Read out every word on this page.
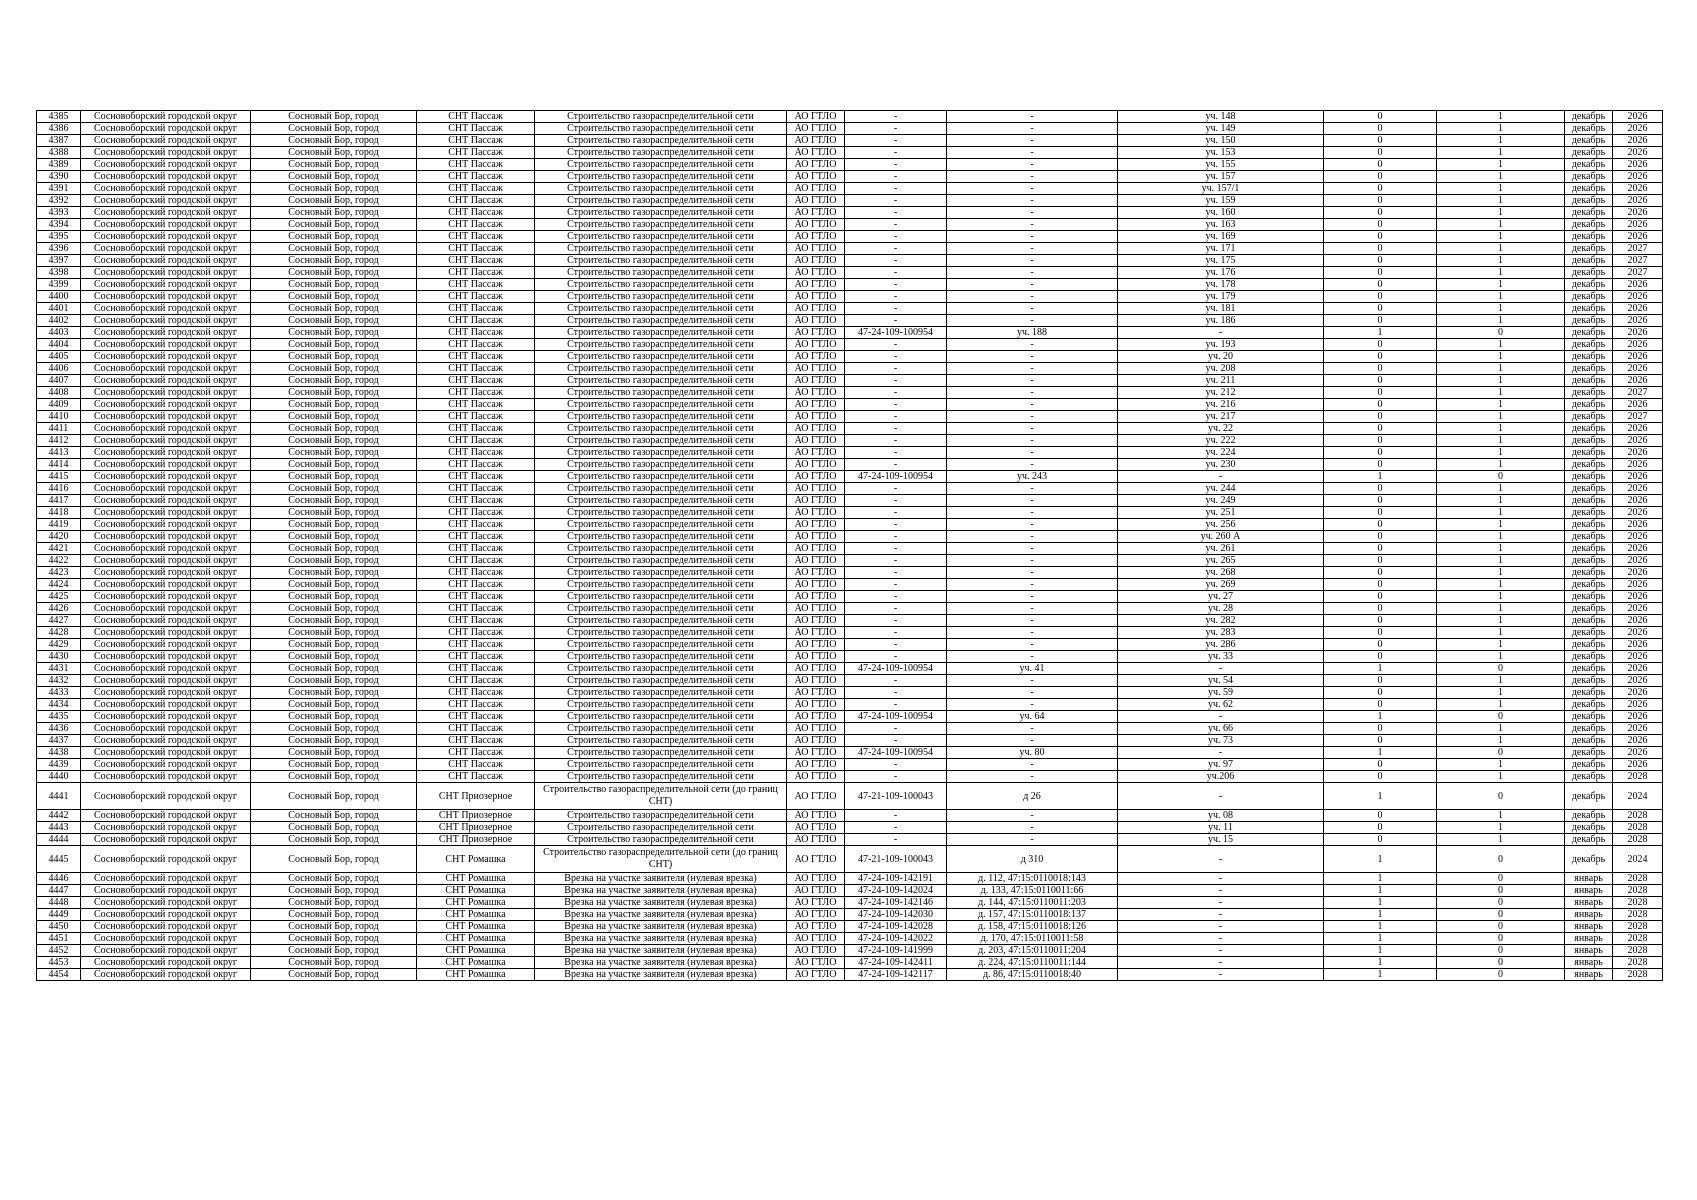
4385	Сосновоборский городской округ	Сосновый Бор, город	СНТ Пассаж	Строительство газораспределительной сети	АО ГТЛО	-	-	уч. 148	0	1	декабрь	2026
4386	Сосновоборский городской округ	Сосновый Бор, город	СНТ Пассаж	Строительство газораспределительной сети	АО ГТЛО	-	-	уч. 149	0	1	декабрь	2026
4387	Сосновоборский городской округ	Сосновый Бор, город	СНТ Пассаж	Строительство газораспределительной сети	АО ГТЛО	-	-	уч. 150	0	1	декабрь	2026
4388	Сосновоборский городской округ	Сосновый Бор, город	СНТ Пассаж	Строительство газораспределительной сети	АО ГТЛО	-	-	уч. 153	0	1	декабрь	2026
4389	Сосновоборский городской округ	Сосновый Бор, город	СНТ Пассаж	Строительство газораспределительной сети	АО ГТЛО	-	-	уч. 155	0	1	декабрь	2026
4390	Сосновоборский городской округ	Сосновый Бор, город	СНТ Пассаж	Строительство газораспределительной сети	АО ГТЛО	-	-	уч. 157	0	1	декабрь	2026
4391	Сосновоборский городской округ	Сосновый Бор, город	СНТ Пассаж	Строительство газораспределительной сети	АО ГТЛО	-	-	уч. 157/1	0	1	декабрь	2026
4392	Сосновоборский городской округ	Сосновый Бор, город	СНТ Пассаж	Строительство газораспределительной сети	АО ГТЛО	-	-	уч. 159	0	1	декабрь	2026
4393	Сосновоборский городской округ	Сосновый Бор, город	СНТ Пассаж	Строительство газораспределительной сети	АО ГТЛО	-	-	уч. 160	0	1	декабрь	2026
4394	Сосновоборский городской округ	Сосновый Бор, город	СНТ Пассаж	Строительство газораспределительной сети	АО ГТЛО	-	-	уч. 163	0	1	декабрь	2026
4395	Сосновоборский городской округ	Сосновый Бор, город	СНТ Пассаж	Строительство газораспределительной сети	АО ГТЛО	-	-	уч. 169	0	1	декабрь	2026
4396	Сосновоборский городской округ	Сосновый Бор, город	СНТ Пассаж	Строительство газораспределительной сети	АО ГТЛО	-	-	уч. 171	0	1	декабрь	2027
4397	Сосновоборский городской округ	Сосновый Бор, город	СНТ Пассаж	Строительство газораспределительной сети	АО ГТЛО	-	-	уч. 175	0	1	декабрь	2027
4398	Сосновоборский городской округ	Сосновый Бор, город	СНТ Пассаж	Строительство газораспределительной сети	АО ГТЛО	-	-	уч. 176	0	1	декабрь	2027
4399	Сосновоборский городской округ	Сосновый Бор, город	СНТ Пассаж	Строительство газораспределительной сети	АО ГТЛО	-	-	уч. 178	0	1	декабрь	2026
4400	Сосновоборский городской округ	Сосновый Бор, город	СНТ Пассаж	Строительство газораспределительной сети	АО ГТЛО	-	-	уч. 179	0	1	декабрь	2026
4401	Сосновоборский городской округ	Сосновый Бор, город	СНТ Пассаж	Строительство газораспределительной сети	АО ГТЛО	-	-	уч. 181	0	1	декабрь	2026
4402	Сосновоборский городской округ	Сосновый Бор, город	СНТ Пассаж	Строительство газораспределительной сети	АО ГТЛО	-	-	уч. 186	0	1	декабрь	2026
4403	Сосновоборский городской округ	Сосновый Бор, город	СНТ Пассаж	Строительство газораспределительной сети	АО ГТЛО	47-24-109-100954	уч. 188	-	1	0	декабрь	2026
4404	Сосновоборский городской округ	Сосновый Бор, город	СНТ Пассаж	Строительство газораспределительной сети	АО ГТЛО	-	-	уч. 193	0	1	декабрь	2026
4405	Сосновоборский городской округ	Сосновый Бор, город	СНТ Пассаж	Строительство газораспределительной сети	АО ГТЛО	-	-	уч. 20	0	1	декабрь	2026
4406	Сосновоборский городской округ	Сосновый Бор, город	СНТ Пассаж	Строительство газораспределительной сети	АО ГТЛО	-	-	уч. 208	0	1	декабрь	2026
4407	Сосновоборский городской округ	Сосновый Бор, город	СНТ Пассаж	Строительство газораспределительной сети	АО ГТЛО	-	-	уч. 211	0	1	декабрь	2026
4408	Сосновоборский городской округ	Сосновый Бор, город	СНТ Пассаж	Строительство газораспределительной сети	АО ГТЛО	-	-	уч. 212	0	1	декабрь	2027
4409	Сосновоборский городской округ	Сосновый Бор, город	СНТ Пассаж	Строительство газораспределительной сети	АО ГТЛО	-	-	уч. 216	0	1	декабрь	2026
4410	Сосновоборский городской округ	Сосновый Бор, город	СНТ Пассаж	Строительство газораспределительной сети	АО ГТЛО	-	-	уч. 217	0	1	декабрь	2027
4411	Сосновоборский городской округ	Сосновый Бор, город	СНТ Пассаж	Строительство газораспределительной сети	АО ГТЛО	-	-	уч. 22	0	1	декабрь	2026
4412	Сосновоборский городской округ	Сосновый Бор, город	СНТ Пассаж	Строительство газораспределительной сети	АО ГТЛО	-	-	уч. 222	0	1	декабрь	2026
4413	Сосновоборский городской округ	Сосновый Бор, город	СНТ Пассаж	Строительство газораспределительной сети	АО ГТЛО	-	-	уч. 224	0	1	декабрь	2026
4414	Сосновоборский городской округ	Сосновый Бор, город	СНТ Пассаж	Строительство газораспределительной сети	АО ГТЛО	-	-	уч. 230	0	1	декабрь	2026
4415	Сосновоборский городской округ	Сосновый Бор, город	СНТ Пассаж	Строительство газораспределительной сети	АО ГТЛО	47-24-109-100954	уч. 243	-	1	0	декабрь	2026
4416	Сосновоборский городской округ	Сосновый Бор, город	СНТ Пассаж	Строительство газораспределительной сети	АО ГТЛО	-	-	уч. 244	0	1	декабрь	2026
4417	Сосновоборский городской округ	Сосновый Бор, город	СНТ Пассаж	Строительство газораспределительной сети	АО ГТЛО	-	-	уч. 249	0	1	декабрь	2026
4418	Сосновоборский городской округ	Сосновый Бор, город	СНТ Пассаж	Строительство газораспределительной сети	АО ГТЛО	-	-	уч. 251	0	1	декабрь	2026
4419	Сосновоборский городской округ	Сосновый Бор, город	СНТ Пассаж	Строительство газораспределительной сети	АО ГТЛО	-	-	уч. 256	0	1	декабрь	2026
4420	Сосновоборский городской округ	Сосновый Бор, город	СНТ Пассаж	Строительство газораспределительной сети	АО ГТЛО	-	-	уч. 260 А	0	1	декабрь	2026
4421	Сосновоборский городской округ	Сосновый Бор, город	СНТ Пассаж	Строительство газораспределительной сети	АО ГТЛО	-	-	уч. 261	0	1	декабрь	2026
4422	Сосновоборский городской округ	Сосновый Бор, город	СНТ Пассаж	Строительство газораспределительной сети	АО ГТЛО	-	-	уч. 265	0	1	декабрь	2026
4423	Сосновоборский городской округ	Сосновый Бор, город	СНТ Пассаж	Строительство газораспределительной сети	АО ГТЛО	-	-	уч. 268	0	1	декабрь	2026
4424	Сосновоборский городской округ	Сосновый Бор, город	СНТ Пассаж	Строительство газораспределительной сети	АО ГТЛО	-	-	уч. 269	0	1	декабрь	2026
4425	Сосновоборский городской округ	Сосновый Бор, город	СНТ Пассаж	Строительство газораспределительной сети	АО ГТЛО	-	-	уч. 27	0	1	декабрь	2026
4426	Сосновоборский городской округ	Сосновый Бор, город	СНТ Пассаж	Строительство газораспределительной сети	АО ГТЛО	-	-	уч. 28	0	1	декабрь	2026
4427	Сосновоборский городской округ	Сосновый Бор, город	СНТ Пассаж	Строительство газораспределительной сети	АО ГТЛО	-	-	уч. 282	0	1	декабрь	2026
4428	Сосновоборский городской округ	Сосновый Бор, город	СНТ Пассаж	Строительство газораспределительной сети	АО ГТЛО	-	-	уч. 283	0	1	декабрь	2026
4429	Сосновоборский городской округ	Сосновый Бор, город	СНТ Пассаж	Строительство газораспределительной сети	АО ГТЛО	-	-	уч. 286	0	1	декабрь	2026
4430	Сосновоборский городской округ	Сосновый Бор, город	СНТ Пассаж	Строительство газораспределительной сети	АО ГТЛО	-	-	уч. 33	0	1	декабрь	2026
4431	Сосновоборский городской округ	Сосновый Бор, город	СНТ Пассаж	Строительство газораспределительной сети	АО ГТЛО	47-24-109-100954	уч. 41	-	1	0	декабрь	2026
4432	Сосновоборский городской округ	Сосновый Бор, город	СНТ Пассаж	Строительство газораспределительной сети	АО ГТЛО	-	-	уч. 54	0	1	декабрь	2026
4433	Сосновоборский городской округ	Сосновый Бор, город	СНТ Пассаж	Строительство газораспределительной сети	АО ГТЛО	-	-	уч. 59	0	1	декабрь	2026
4434	Сосновоборский городской округ	Сосновый Бор, город	СНТ Пассаж	Строительство газораспределительной сети	АО ГТЛО	-	-	уч. 62	0	1	декабрь	2026
4435	Сосновоборский городской округ	Сосновый Бор, город	СНТ Пассаж	Строительство газораспределительной сети	АО ГТЛО	47-24-109-100954	уч. 64	-	1	0	декабрь	2026
4436	Сосновоборский городской округ	Сосновый Бор, город	СНТ Пассаж	Строительство газораспределительной сети	АО ГТЛО	-	-	уч. 66	0	1	декабрь	2026
4437	Сосновоборский городской округ	Сосновый Бор, город	СНТ Пассаж	Строительство газораспределительной сети	АО ГТЛО	-	-	уч. 73	0	1	декабрь	2026
4438	Сосновоборский городской округ	Сосновый Бор, город	СНТ Пассаж	Строительство газораспределительной сети	АО ГТЛО	47-24-109-100954	уч. 80	-	1	0	декабрь	2026
4439	Сосновоборский городской округ	Сосновый Бор, город	СНТ Пассаж	Строительство газораспределительной сети	АО ГТЛО	-	-	уч. 97	0	1	декабрь	2026
4440	Сосновоборский городской округ	Сосновый Бор, город	СНТ Пассаж	Строительство газораспределительной сети	АО ГТЛО	-	-	уч.206	0	1	декабрь	2028
4441	Сосновоборский городской округ	Сосновый Бор, город	СНТ Приозерное	Строительство газораспределительной сети (до границ СНТ)	АО ГТЛО	47-21-109-100043	д 26	-	1	0	декабрь	2024
4442	Сосновоборский городской округ	Сосновый Бор, город	СНТ Приозерное	Строительство газораспределительной сети	АО ГТЛО	-	-	уч. 08	0	1	декабрь	2028
4443	Сосновоборский городской округ	Сосновый Бор, город	СНТ Приозерное	Строительство газораспределительной сети	АО ГТЛО	-	-	уч. 11	0	1	декабрь	2028
4444	Сосновоборский городской округ	Сосновый Бор, город	СНТ Приозерное	Строительство газораспределительной сети	АО ГТЛО	-	-	уч. 15	0	1	декабрь	2028
4445	Сосновоборский городской округ	Сосновый Бор, город	СНТ Ромашка	Строительство газораспределительной сети (до границ СНТ)	АО ГТЛО	47-21-109-100043	д 310	-	1	0	декабрь	2024
4446	Сосновоборский городской округ	Сосновый Бор, город	СНТ Ромашка	Врезка на участке заявителя (нулевая врезка)	АО ГТЛО	47-24-109-142191	д. 112, 47:15:0110018:143	-	1	0	январь	2028
4447	Сосновоборский городской округ	Сосновый Бор, город	СНТ Ромашка	Врезка на участке заявителя (нулевая врезка)	АО ГТЛО	47-24-109-142024	д. 133, 47:15:0110011:66	-	1	0	январь	2028
4448	Сосновоборский городской округ	Сосновый Бор, город	СНТ Ромашка	Врезка на участке заявителя (нулевая врезка)	АО ГТЛО	47-24-109-142146	д. 144, 47:15:0110011:203	-	1	0	январь	2028
4449	Сосновоборский городской округ	Сосновый Бор, город	СНТ Ромашка	Врезка на участке заявителя (нулевая врезка)	АО ГТЛО	47-24-109-142030	д. 157, 47:15:0110018:137	-	1	0	январь	2028
4450	Сосновоборский городской округ	Сосновый Бор, город	СНТ Ромашка	Врезка на участке заявителя (нулевая врезка)	АО ГТЛО	47-24-109-142028	д. 158, 47:15:0110018:126	-	1	0	январь	2028
4451	Сосновоборский городской округ	Сосновый Бор, город	СНТ Ромашка	Врезка на участке заявителя (нулевая врезка)	АО ГТЛО	47-24-109-142022	д. 170, 47:15:0110011:58	-	1	0	январь	2028
4452	Сосновоборский городской округ	Сосновый Бор, город	СНТ Ромашка	Врезка на участке заявителя (нулевая врезка)	АО ГТЛО	47-24-109-141999	д. 203, 47:15:0110011:204	-	1	0	январь	2028
4453	Сосновоборский городской округ	Сосновый Бор, город	СНТ Ромашка	Врезка на участке заявителя (нулевая врезка)	АО ГТЛО	47-24-109-142411	д. 224, 47:15:0110011:144	-	1	0	январь	2028
4454	Сосновоборский городской округ	Сосновый Бор, город	СНТ Ромашка	Врезка на участке заявителя (нулевая врезка)	АО ГТЛО	47-24-109-142117	д. 86, 47:15:0110018:40	-	1	0	январь	2028
